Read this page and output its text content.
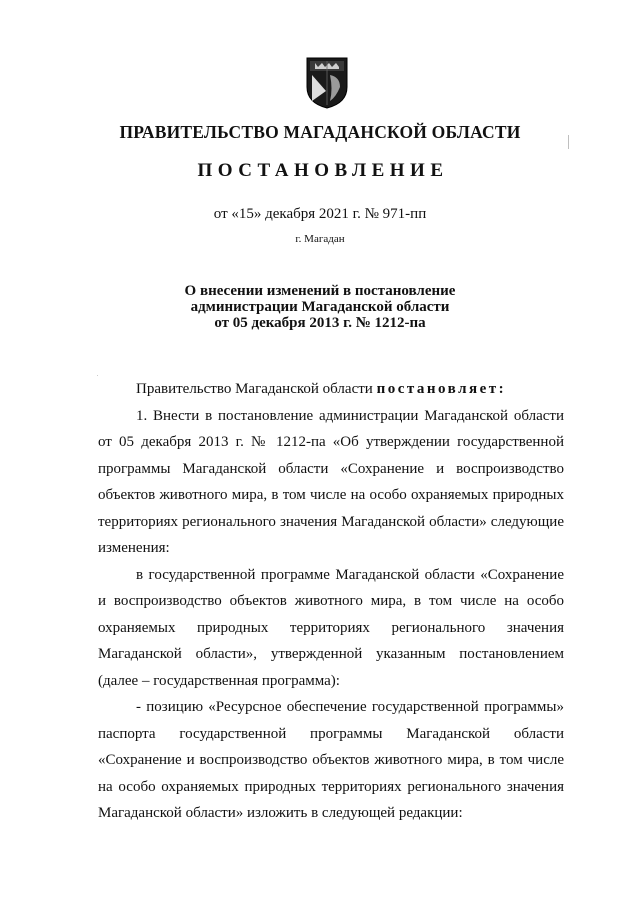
ПРАВИТЕЛЬСТВО МАГАДАНСКОЙ ОБЛАСТИ
ПОСТАНОВЛЕНИЕ
от «15» декабря 2021 г. № 971-пп
г. Магадан
О внесении изменений в постановление
администрации Магаданской области
от 05 декабря 2013 г. № 1212-па
Правительство Магаданской области постановляет:
1. Внести в постановление администрации Магаданской области от 05 декабря 2013 г. № 1212-па «Об утверждении государственной программы Магаданской области «Сохранение и воспроизводство объектов животного мира, в том числе на особо охраняемых природных территориях регионального значения Магаданской области» следующие изменения:
в государственной программе Магаданской области «Сохранение и воспроизводство объектов животного мира, в том числе на особо охраняемых природных территориях регионального значения Магаданской области», утвержденной указанным постановлением (далее – государственная программа):
- позицию «Ресурсное обеспечение государственной программы» паспорта государственной программы Магаданской области «Сохранение и воспроизводство объектов животного мира, в том числе на особо охраняемых природных территориях регионального значения Магаданской области» изложить в следующей редакции:
